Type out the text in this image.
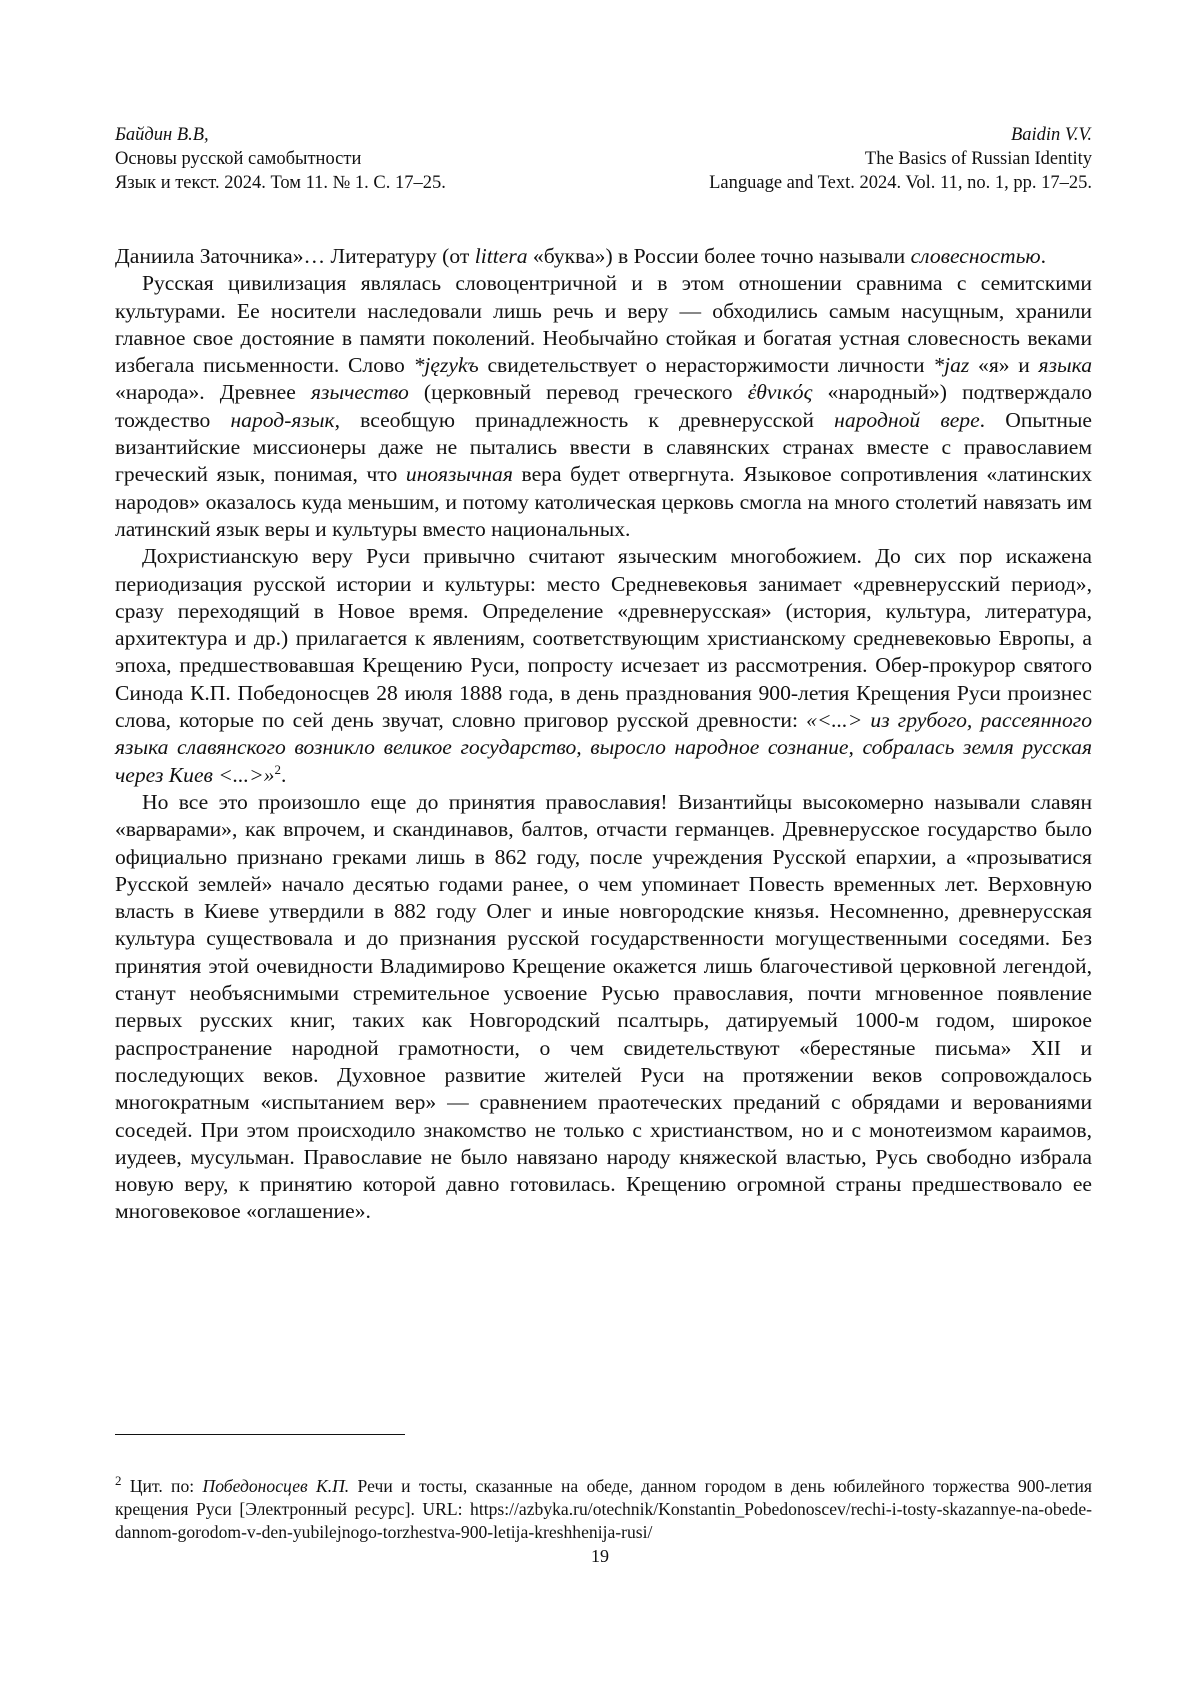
Байдин В.В,
Основы русской самобытности
Язык и текст. 2024. Том 11. № 1. С. 17–25.
Baidin V.V.
The Basics of Russian Identity
Language and Text. 2024. Vol. 11, no. 1, pp. 17–25.

Даниила Заточника»… Литературу (от littera «буква») в России более точно называли словесностью.

Русская цивилизация являлась словоцентричной и в этом отношении сравнима с семитскими культурами. Ее носители наследовали лишь речь и веру — обходились самым насущным, хранили главное свое достояние в памяти поколений. Необычайно стойкая и богатая устная словесность веками избегала письменности. Слово *językъ свидетельствует о нерасторжимости личности *jaz «я» и языка «народа». Древнее язычество (церковный перевод греческого ἐθνικός «народный») подтверждало тождество народ-язык, всеобщую принадлежность к древнерусской народной вере. Опытные византийские миссионеры даже не пытались ввести в славянских странах вместе с православием греческий язык, понимая, что иноязычная вера будет отвергнута. Языковое сопротивления «латинских народов» оказалось куда меньшим, и потому католическая церковь смогла на много столетий навязать им латинский язык веры и культуры вместо национальных.

Дохристианскую веру Руси привычно считают языческим многобожием. До сих пор искажена периодизация русской истории и культуры: место Средневековья занимает «древнерусский период», сразу переходящий в Новое время. Определение «древнерусская» (история, культура, литература, архитектура и др.) прилагается к явлениям, соответствующим христианскому средневековью Европы, а эпоха, предшествовавшая Крещению Руси, попросту исчезает из рассмотрения. Обер-прокурор святого Синода К.П. Победоносцев 28 июля 1888 года, в день празднования 900-летия Крещения Руси произнес слова, которые по сей день звучат, словно приговор русской древности: «<...> из грубого, рассеянного языка славянского возникло великое государство, выросло народное сознание, собралась земля русская через Киев <...>»$^2$.

Но все это произошло еще до принятия православия! Византийцы высокомерно называли славян «варварами», как впрочем, и скандинавов, балтов, отчасти германцев. Древнерусское государство было официально признано греками лишь в 862 году, после учреждения Русской епархии, а «прозыватися Русской землей» начало десятью годами ранее, о чем упоминает Повесть временных лет. Верховную власть в Киеве утвердили в 882 году Олег и иные новгородские князья. Несомненно, древнерусская культура существовала и до признания русской государственности могущественными соседями. Без принятия этой очевидности Владимирово Крещение окажется лишь благочестивой церковной легендой, станут необъяснимыми стремительное усвоение Русью православия, почти мгновенное появление первых русских книг, таких как Новгородский псалтырь, датируемый 1000-м годом, широкое распространение народной грамотности, о чем свидетельствуют «берестяные письма» XII и последующих веков. Духовное развитие жителей Руси на протяжении веков сопровождалось многократным «испытанием вер» — сравнением праотеческих преданий с обрядами и верованиями соседей. При этом происходило знакомство не только с христианством, но и с монотеизмом караимов, иудеев, мусульман. Православие не было навязано народу княжеской властью, Русь свободно избрала новую веру, к принятию которой давно готовилась. Крещению огромной страны предшествовало ее многовековое «оглашение».

$^2$ Цит. по: Победоносцев К.П. Речи и тосты, сказанные на обеде, данном городом в день юбилейного торжества 900-летия крещения Руси [Электронный ресурс]. URL: https://azbyka.ru/otechnik/Konstantin_Pobedonoscev/rechi-i-tosty-skazannye-na-obede-dannom-gorodom-v-den-yubilejnogo-torzhestva-900-letija-kreshhenija-rusi/

19
